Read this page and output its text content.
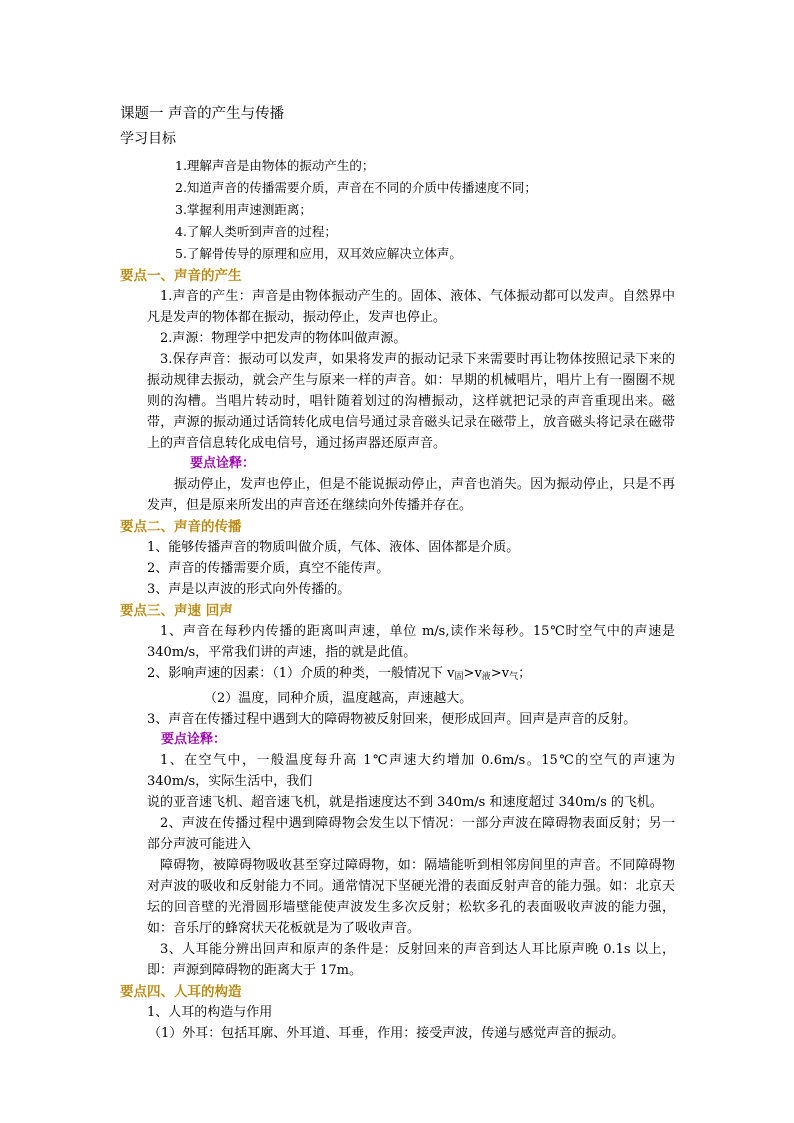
课题一 声音的产生与传播
学习目标
1.理解声音是由物体的振动产生的；
2.知道声音的传播需要介质，声音在不同的介质中传播速度不同；
3.掌握利用声速测距离；
4.了解人类听到声音的过程；
5.了解骨传导的原理和应用，双耳效应解决立体声。
要点一、声音的产生
1.声音的产生：声音是由物体振动产生的。固体、液体、气体振动都可以发声。自然界中凡是发声的物体都在振动，振动停止，发声也停止。
2.声源：物理学中把发声的物体叫做声源。
3.保存声音：振动可以发声，如果将发声的振动记录下来需要时再让物体按照记录下来的振动规律去振动，就会产生与原来一样的声音。如：早期的机械唱片，唱片上有一圈圈不规则的沟槽。当唱片转动时，唱针随着划过的沟槽振动，这样就把记录的声音重现出来。磁带，声源的振动通过话筒转化成电信号通过录音磁头记录在磁带上，放音磁头将记录在磁带上的声音信息转化成电信号，通过扬声器还原声音。
要点诠释：
振动停止，发声也停止，但是不能说振动停止，声音也消失。因为振动停止，只是不再发声，但是原来所发出的声音还在继续向外传播并存在。
要点二、声音的传播
1、能够传播声音的物质叫做介质，气体、液体、固体都是介质。
2、声音的传播需要介质，真空不能传声。
3、声是以声波的形式向外传播的。
要点三、声速 回声
1、声音在每秒内传播的距离叫声速，单位 m/s,读作米每秒。15℃时空气中的声速是 340m/s，平常我们讲的声速，指的就是此值。
2、影响声速的因素：（1）介质的种类，一般情况下 $v_固>v_液>v_气$；
（2）温度，同种介质，温度越高，声速越大。
3、声音在传播过程中遇到大的障碍物被反射回来，便形成回声。回声是声音的反射。
要点诠释：
1、在空气中，一般温度每升高 1℃声速大约增加 0.6m/s。15℃的空气的声速为 340m/s，实际生活中，我们
说的亚音速飞机、超音速飞机，就是指速度达不到 340m/s 和速度超过 340m/s 的飞机。
2、声波在传播过程中遇到障碍物会发生以下情况：一部分声波在障碍物表面反射；另一部分声波可能进入
障碍物，被障碍物吸收甚至穿过障碍物，如：隔墙能听到相邻房间里的声音。不同障碍物对声波的吸收和反射能力不同。通常情况下坚硬光滑的表面反射声音的能力强。如：北京天坛的回音壁的光滑圆形墙壁能使声波发生多次反射；松软多孔的表面吸收声波的能力强，如：音乐厅的蜂窝状天花板就是为了吸收声音。
3、人耳能分辨出回声和原声的条件是：反射回来的声音到达人耳比原声晚 0.1s 以上，即：声源到障碍物的距离大于 17m。
要点四、人耳的构造
1、人耳的构造与作用
（1）外耳：包括耳廓、外耳道、耳垂，作用：接受声波，传递与感觉声音的振动。
